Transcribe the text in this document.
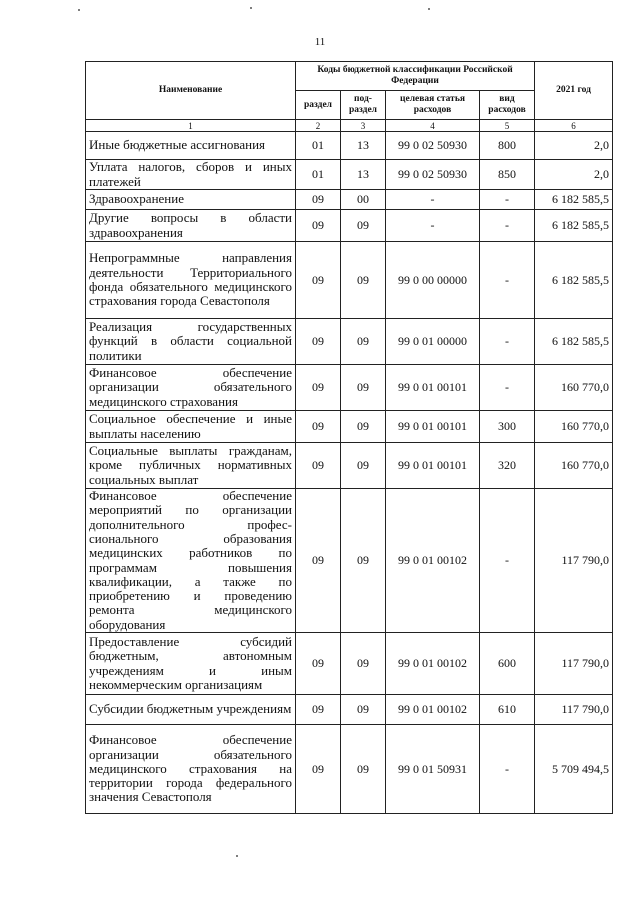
11
Наименование	Коды бюджетной классификации Российской Федерации				2021 год
	раздел	под-раздел	целевая статья расходов	вид расходов	
1	2	3	4	5	6
Иные бюджетные ассигнования	01	13	99 0 02 50930	800	2,0
Уплата налогов, сборов и иных платежей	01	13	99 0 02 50930	850	2,0
Здравоохранение	09	00	-	-	6 182 585,5
Другие вопросы в области здравоохранения	09	09	-	-	6 182 585,5
Непрограммные направления деятельности Территориального фонда обязательного медицинского страхования города Севастополя	09	09	99 0 00 00000	-	6 182 585,5
Реализация государственных функций в области социальной политики	09	09	99 0 01 00000	-	6 182 585,5
Финансовое обеспечение организации обязательного медицинского страхования	09	09	99 0 01 00101	-	160 770,0
Социальное обеспечение и иные выплаты населению	09	09	99 0 01 00101	300	160 770,0
Социальные выплаты гражданам, кроме публичных нормативных социальных выплат	09	09	99 0 01 00101	320	160 770,0
Финансовое обеспечение мероприятий по организации дополнительного профес-сионального образования медицинских работников по программам повышения квалификации, а также по приобретению и проведению ремонта медицинского оборудования	09	09	99 0 01 00102	-	117 790,0
Предоставление субсидий бюджетным, автономным учреждениям и иным некоммерческим организациям	09	09	99 0 01 00102	600	117 790,0
Субсидии бюджетным учреждениям	09	09	99 0 01 00102	610	117 790,0
Финансовое обеспечение организации обязательного медицинского страхования на территории города федерального значения Севастополя	09	09	99 0 01 50931	-	5 709 494,5
